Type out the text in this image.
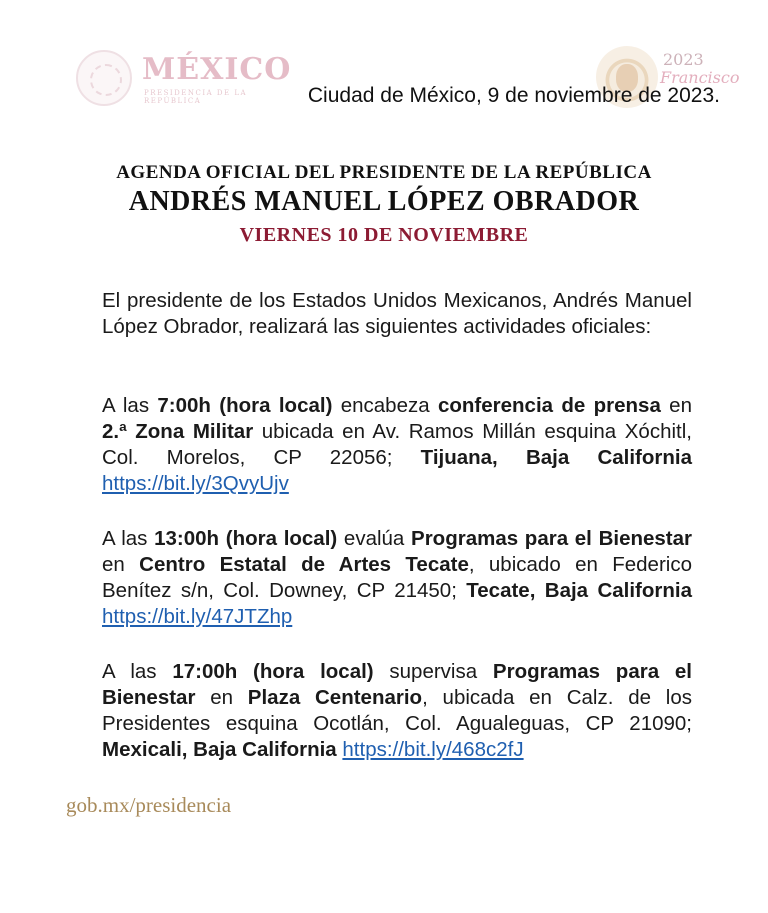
MÉXICO
PRESIDENCIA DE LA REPÚBLICA
2023
Francisco
Ciudad de México, 9 de noviembre de 2023.
AGENDA OFICIAL DEL PRESIDENTE DE LA REPÚBLICA
ANDRÉS MANUEL LÓPEZ OBRADOR
VIERNES 10 DE NOVIEMBRE
El presidente de los Estados Unidos Mexicanos, Andrés Manuel López Obrador, realizará las siguientes actividades oficiales:
A las 7:00h (hora local) encabeza conferencia de prensa en 2.ª Zona Militar ubicada en Av. Ramos Millán esquina Xóchitl, Col. Morelos, CP 22056; Tijuana, Baja California https://bit.ly/3QvyUjv
A las 13:00h (hora local) evalúa Programas para el Bienestar en Centro Estatal de Artes Tecate, ubicado en Federico Benítez s/n, Col. Downey, CP 21450; Tecate, Baja California https://bit.ly/47JTZhp
A las 17:00h (hora local) supervisa Programas para el Bienestar en Plaza Centenario, ubicada en Calz. de los Presidentes esquina Ocotlán, Col. Agualeguas, CP 21090; Mexicali, Baja California https://bit.ly/468c2fJ
gob.mx/presidencia
